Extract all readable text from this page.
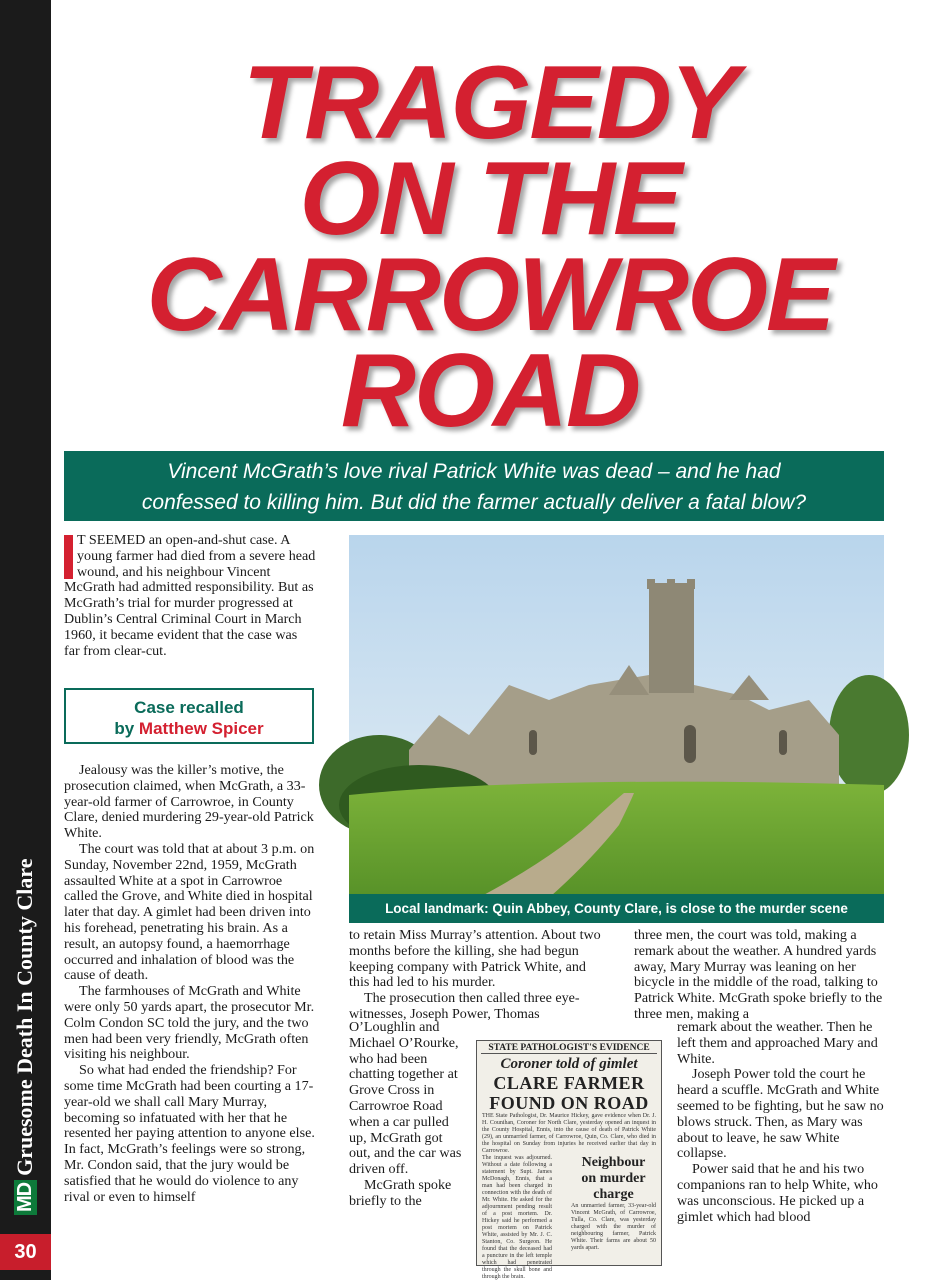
MD
Gruesome Death In County Clare
30
TRAGEDY
ON THE
CARROWROE
ROAD
Vincent McGrath’s love rival Patrick White was dead – and he had
confessed to killing him. But did the farmer actually deliver a fatal blow?
T SEEMED an open-and-shut case. A young farmer had died from a severe head wound, and his neighbour Vincent McGrath had admitted responsibility. But as McGrath’s trial for murder progressed at Dublin’s Central Criminal Court in March 1960, it became evident that the case was far from clear-cut.
Case recalled
by Matthew Spicer

Jealousy was the killer’s motive, the prosecution claimed, when McGrath, a 33-year-old farmer of Carrowroe, in County Clare, denied murdering 29-year-old Patrick White.

The court was told that at about 3 p.m. on Sunday, November 22nd, 1959, McGrath assaulted White at a spot in Carrowroe called the Grove, and White died in hospital later that day. A gimlet had been driven into his forehead, penetrating his brain. As a result, an autopsy found, a haemorrhage occurred and inhalation of blood was the cause of death.

The farmhouses of McGrath and White were only 50 yards apart, the prosecutor Mr. Colm Condon SC told the jury, and the two men had been very friendly, McGrath often visiting his neighbour.

So what had ended the friendship? For some time McGrath had been courting a 17-year-old we shall call Mary Murray, becoming so infatuated with her that he resented her paying attention to anyone else. In fact, McGrath’s feelings were so strong, Mr. Condon said, that the jury would be satisfied that he would do violence to any rival or even to himself

Local landmark: Quin Abbey, County Clare, is close to the murder scene

to retain Miss Murray’s attention. About two months before the killing, she had begun keeping company with Patrick White, and this had led to his murder.

The prosecution then called three eye-witnesses, Joseph Power, Thomas

O’Loughlin and Michael O’Rourke, who had been chatting together at Grove Cross in Carrowroe Road when a car pulled up, McGrath got out, and the car was driven off.

McGrath spoke briefly to the

STATE PATHOLOGIST'S EVIDENCE
Coroner told of gimlet
CLARE FARMER
FOUND ON ROAD
THE State Pathologist, Dr. Maurice Hickey, gave evidence when Dr. J. H. Counihan, Coroner for North Clare, yesterday opened an inquest in the County Hospital, Ennis, into the cause of death of Patrick White (29), an unmarried farmer, of Carrowroe, Quin, Co. Clare, who died in the hospital on Sunday from injuries he received earlier that day in Carrowroe.
The inquest was adjourned. Without a date following a statement by Supt. James McDonagh, Ennis, that a man had been charged in connection with the death of Mr. White. He asked for the adjournment pending result of a post mortem. Dr. Hickey said he performed a post mortem on Patrick White, assisted by Mr. J. C. Stanton, Co. Surgeon. He found that the deceased had a puncture in the left temple which had penetrated through the skull bone and through the brain.
Neighbour
on murder
charge
An unmarried farmer, 33-year-old Vincent McGrath, of Carrowroe, Tulla, Co. Clare, was yesterday charged with the murder of neighbouring farmer, Patrick White. Their farms are about 50 yards apart.

three men, the court was told, making a remark about the weather. A hundred yards away, Mary Murray was leaning on her bicycle in the middle of the road, talking to Patrick White. McGrath spoke briefly to the three men, making a

remark about the weather. Then he left them and approached Mary and White.

Joseph Power told the court he heard a scuffle. McGrath and White seemed to be fighting, but he saw no blows struck. Then, as Mary was about to leave, he saw White collapse.

Power said that he and his two companions ran to help White, who was unconscious. He picked up a gimlet which had blood
